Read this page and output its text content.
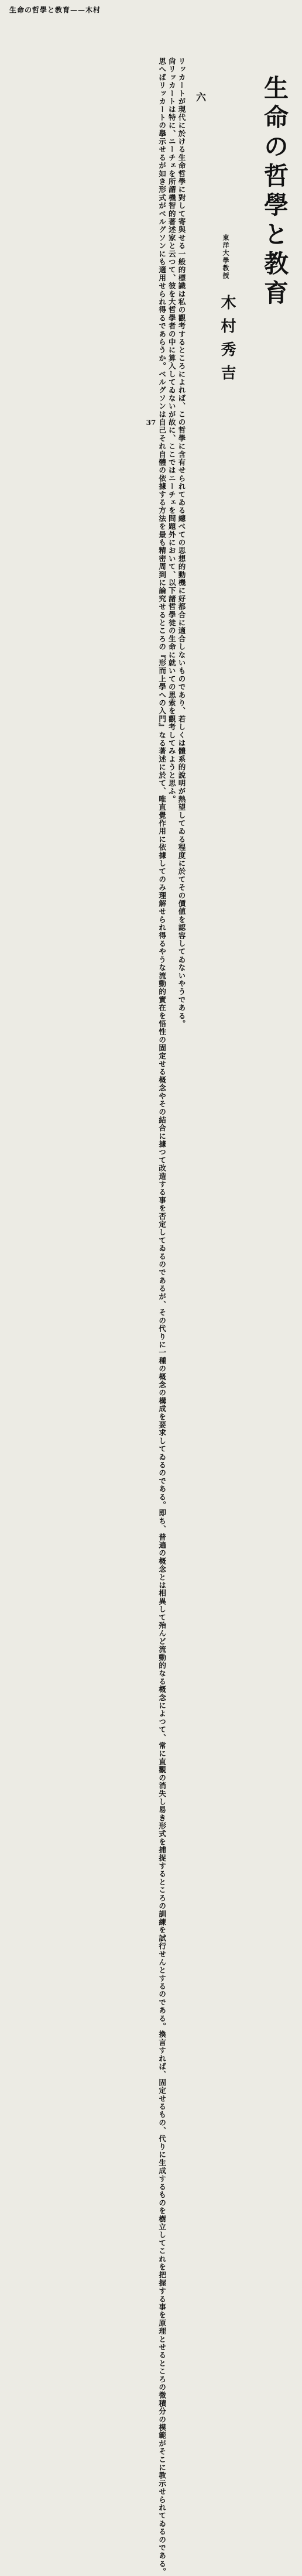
生命の哲學と教育——木村
生命の哲學と教育
東洋大學教授
木村秀吉
六

リッカートが現代に於ける生命哲學に對して寄與せる一般的標識は私の觀考するところによれば、この哲學に含有せられてゐる總べての思想的動機に好都合に適合しないものであり、若しくは體系的說明が熱望してゐる程度に於てその價値を認容してゐないやうである。

尙リッカートは特に、ニーチェを所謂機智的著述家と云つて、彼を大哲學者の中に算入してゐないが故に、ここではニーチェを問題外において、以下諸哲學徒の生命に就いての思索を觀考してみようと思ふ。

思へばリッカートの擧示せるが如き形式がベルグソンにも適用せられ得るであらうか。ベルグソンは自己それ自體の依據する方法を最も精密周到に論究せるところの『形而上學への入門』なる著述に於て、唯直覺作用に依據してのみ理解せられ得るやうな流動的實在を悟性の固定せる概念やその結合に據つて改造する事を否定してゐるのであるが、その代りに一種の概念の構成を要求してゐるのである。即ち、普遍の概念とは相異して殆んど流動的なる概念によつて、常に直觀の消失し易き形式を捕捉するところの訓練を試行せんとするのである。換言すれば、固定せるもの、代りに生成するものを樹立してこれを把握する事を原理とせるところの微積分の模範がそこに教示せられてゐるのである。

37
